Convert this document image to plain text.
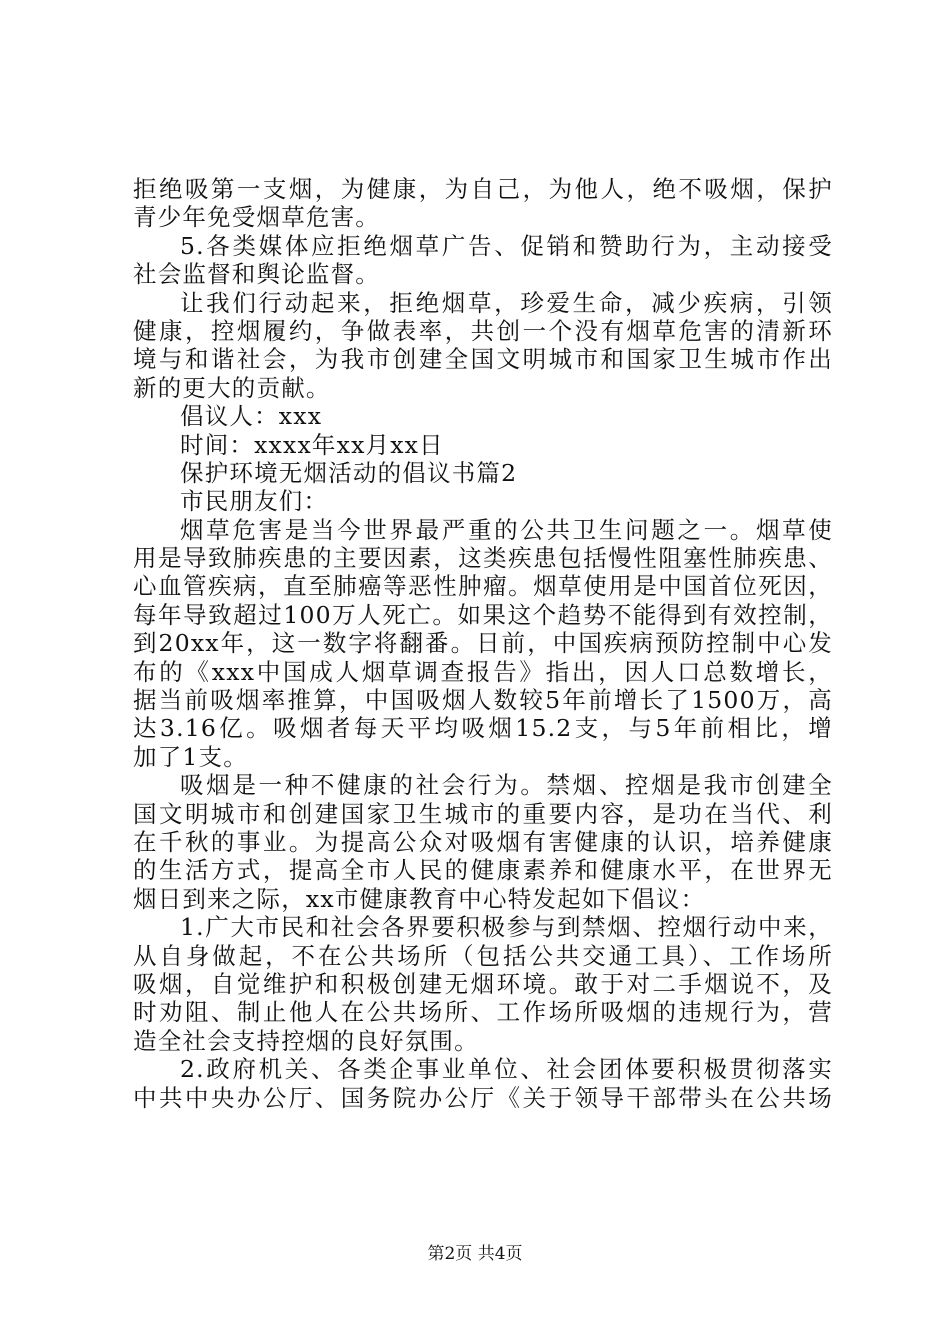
拒绝吸第一支烟，为健康，为自己，为他人，绝不吸烟，保护
青少年免受烟草危害。
5.各类媒体应拒绝烟草广告、促销和赞助行为，主动接受
社会监督和舆论监督。
让我们行动起来，拒绝烟草，珍爱生命，减少疾病，引领
健康，控烟履约，争做表率，共创一个没有烟草危害的清新环
境与和谐社会，为我市创建全国文明城市和国家卫生城市作出
新的更大的贡献。
倡议人：xxx
时间：xxxx年xx月xx日
保护环境无烟活动的倡议书篇2
市民朋友们：
烟草危害是当今世界最严重的公共卫生问题之一。烟草使
用是导致肺疾患的主要因素，这类疾患包括慢性阻塞性肺疾患、
心血管疾病，直至肺癌等恶性肿瘤。烟草使用是中国首位死因，
每年导致超过100万人死亡。如果这个趋势不能得到有效控制，
到20xx年，这一数字将翻番。日前，中国疾病预防控制中心发
布的《xxx中国成人烟草调查报告》指出，因人口总数增长，
据当前吸烟率推算，中国吸烟人数较5年前增长了1500万，高
达3.16亿。吸烟者每天平均吸烟15.2支，与5年前相比，增
加了1支。
吸烟是一种不健康的社会行为。禁烟、控烟是我市创建全
国文明城市和创建国家卫生城市的重要内容，是功在当代、利
在千秋的事业。为提高公众对吸烟有害健康的认识，培养健康
的生活方式，提高全市人民的健康素养和健康水平，在世界无
烟日到来之际，xx市健康教育中心特发起如下倡议：
1.广大市民和社会各界要积极参与到禁烟、控烟行动中来，
从自身做起，不在公共场所（包括公共交通工具）、工作场所
吸烟，自觉维护和积极创建无烟环境。敢于对二手烟说不，及
时劝阻、制止他人在公共场所、工作场所吸烟的违规行为，营
造全社会支持控烟的良好氛围。
2.政府机关、各类企事业单位、社会团体要积极贯彻落实
中共中央办公厅、国务院办公厅《关于领导干部带头在公共场
第2页 共4页
